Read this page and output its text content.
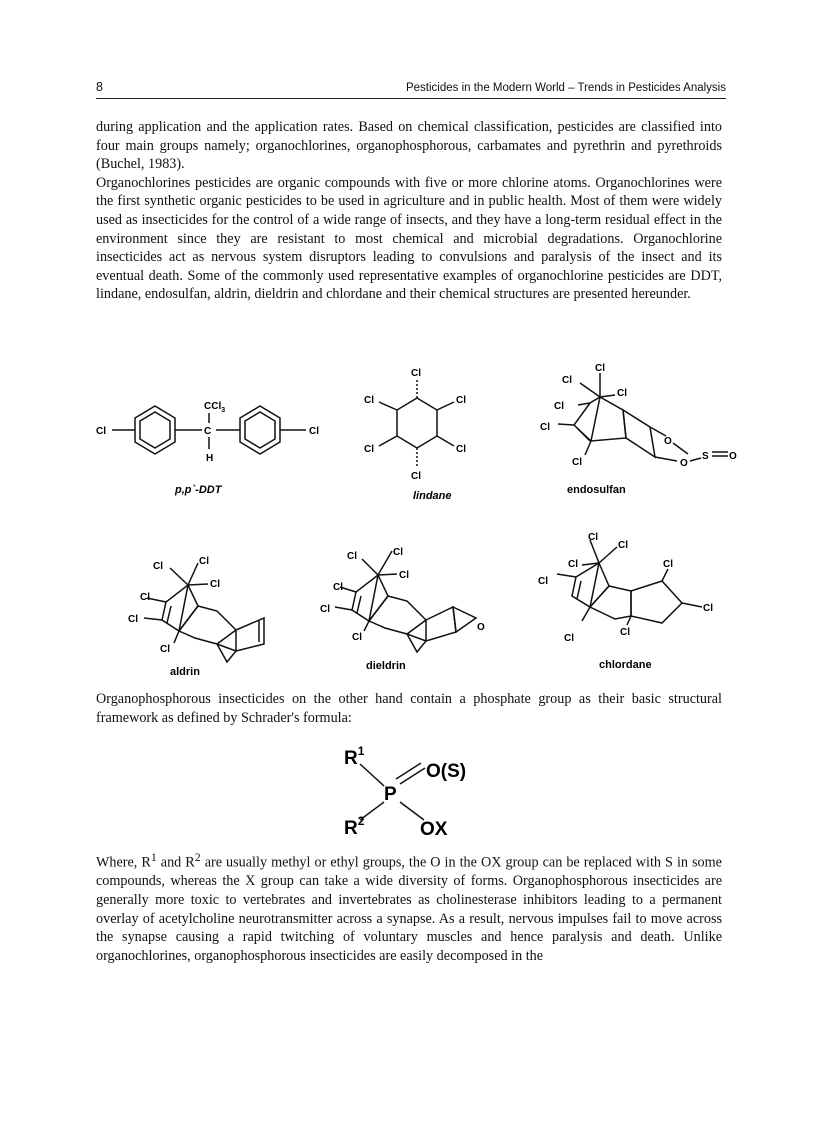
8	Pesticides in the Modern World – Trends in Pesticides Analysis

during application and the application rates. Based on chemical classification, pesticides are classified into four main groups namely; organochlorines, organophosphorous, carbamates and pyrethrin and pyrethroids (Buchel, 1983).

Organochlorines pesticides are organic compounds with five or more chlorine atoms. Organochlorines were the first synthetic organic pesticides to be used in agriculture and in public health. Most of them were widely used as insecticides for the control of a wide range of insects, and they have a long-term residual effect in the environment since they are resistant to most chemical and microbial degradations. Organochlorine insecticides act as nervous system disruptors leading to convulsions and paralysis of the insect and its eventual death. Some of the commonly used representative examples of organochlorine pesticides are DDT, lindane, endosulfan, aldrin, dieldrin and chlordane and their chemical structures are presented hereunder.

Cl	Cl
C
H
CCl$_3$
p,p`-DDT
Cl
Cl
Cl
Cl
Cl
Cl
lindane
Cl
Cl
Cl
Cl
Cl
Cl
O
O
S O
endosulfan
Cl
Cl
Cl
Cl
Cl
Cl
aldrin
Cl
Cl
Cl
Cl
Cl
Cl
O
dieldrin
Cl
Cl
Cl
Cl
Cl
Cl
Cl
Cl
chlordane

Organophosphorous insecticides on the other hand contain a phosphate group as their basic structural framework as defined by Schrader's formula:

$R^1$
$R^2$
P
O(S)
OX

Where, $R^1$ and $R^2$ are usually methyl or ethyl groups, the O in the OX group can be replaced with S in some compounds, whereas the X group can take a wide diversity of forms. Organophosphorous insecticides are generally more toxic to vertebrates and invertebrates as cholinesterase inhibitors leading to a permanent overlay of acetylcholine neurotransmitter across a synapse. As a result, nervous impulses fail to move across the synapse causing a rapid twitching of voluntary muscles and hence paralysis and death. Unlike organochlorines, organophosphorous insecticides are easily decomposed in the
